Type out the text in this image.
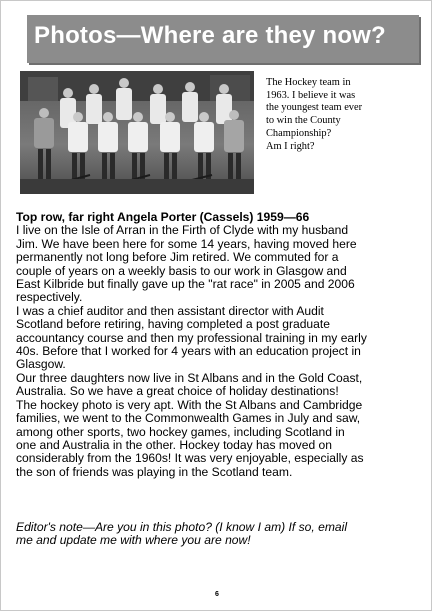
Photos—Where are they now?
The Hockey team in
1963. I believe it was
the youngest team ever
to win the County
Championship?
Am I right?
Top row, far right Angela Porter (Cassels) 1959—66
I live on the Isle of Arran in the Firth of Clyde with my husband
Jim. We have been here for some 14 years, having moved here
permanently not long before Jim retired. We commuted for a
couple of years on a weekly basis to our work in Glasgow and
East Kilbride but finally gave up the "rat race" in 2005 and 2006
respectively.
I was a chief auditor and then assistant director with Audit
Scotland before retiring, having completed a post graduate
accountancy course and then my professional training in my early
40s. Before that I worked for 4 years with an education project in
Glasgow.
Our three daughters now live in St Albans and in the Gold Coast,
Australia. So we have a great choice of holiday destinations!
The hockey photo is very apt. With the St Albans and Cambridge
families, we went to the Commonwealth Games in July and saw,
among other sports, two hockey games, including Scotland in
one and Australia in the other. Hockey today has moved on
considerably from the 1960s! It was very enjoyable, especially as
the son of friends was playing in the Scotland team.
Editor's note—Are you in this photo? (I know I am) If so, email
me and update me with where you are now!
6
